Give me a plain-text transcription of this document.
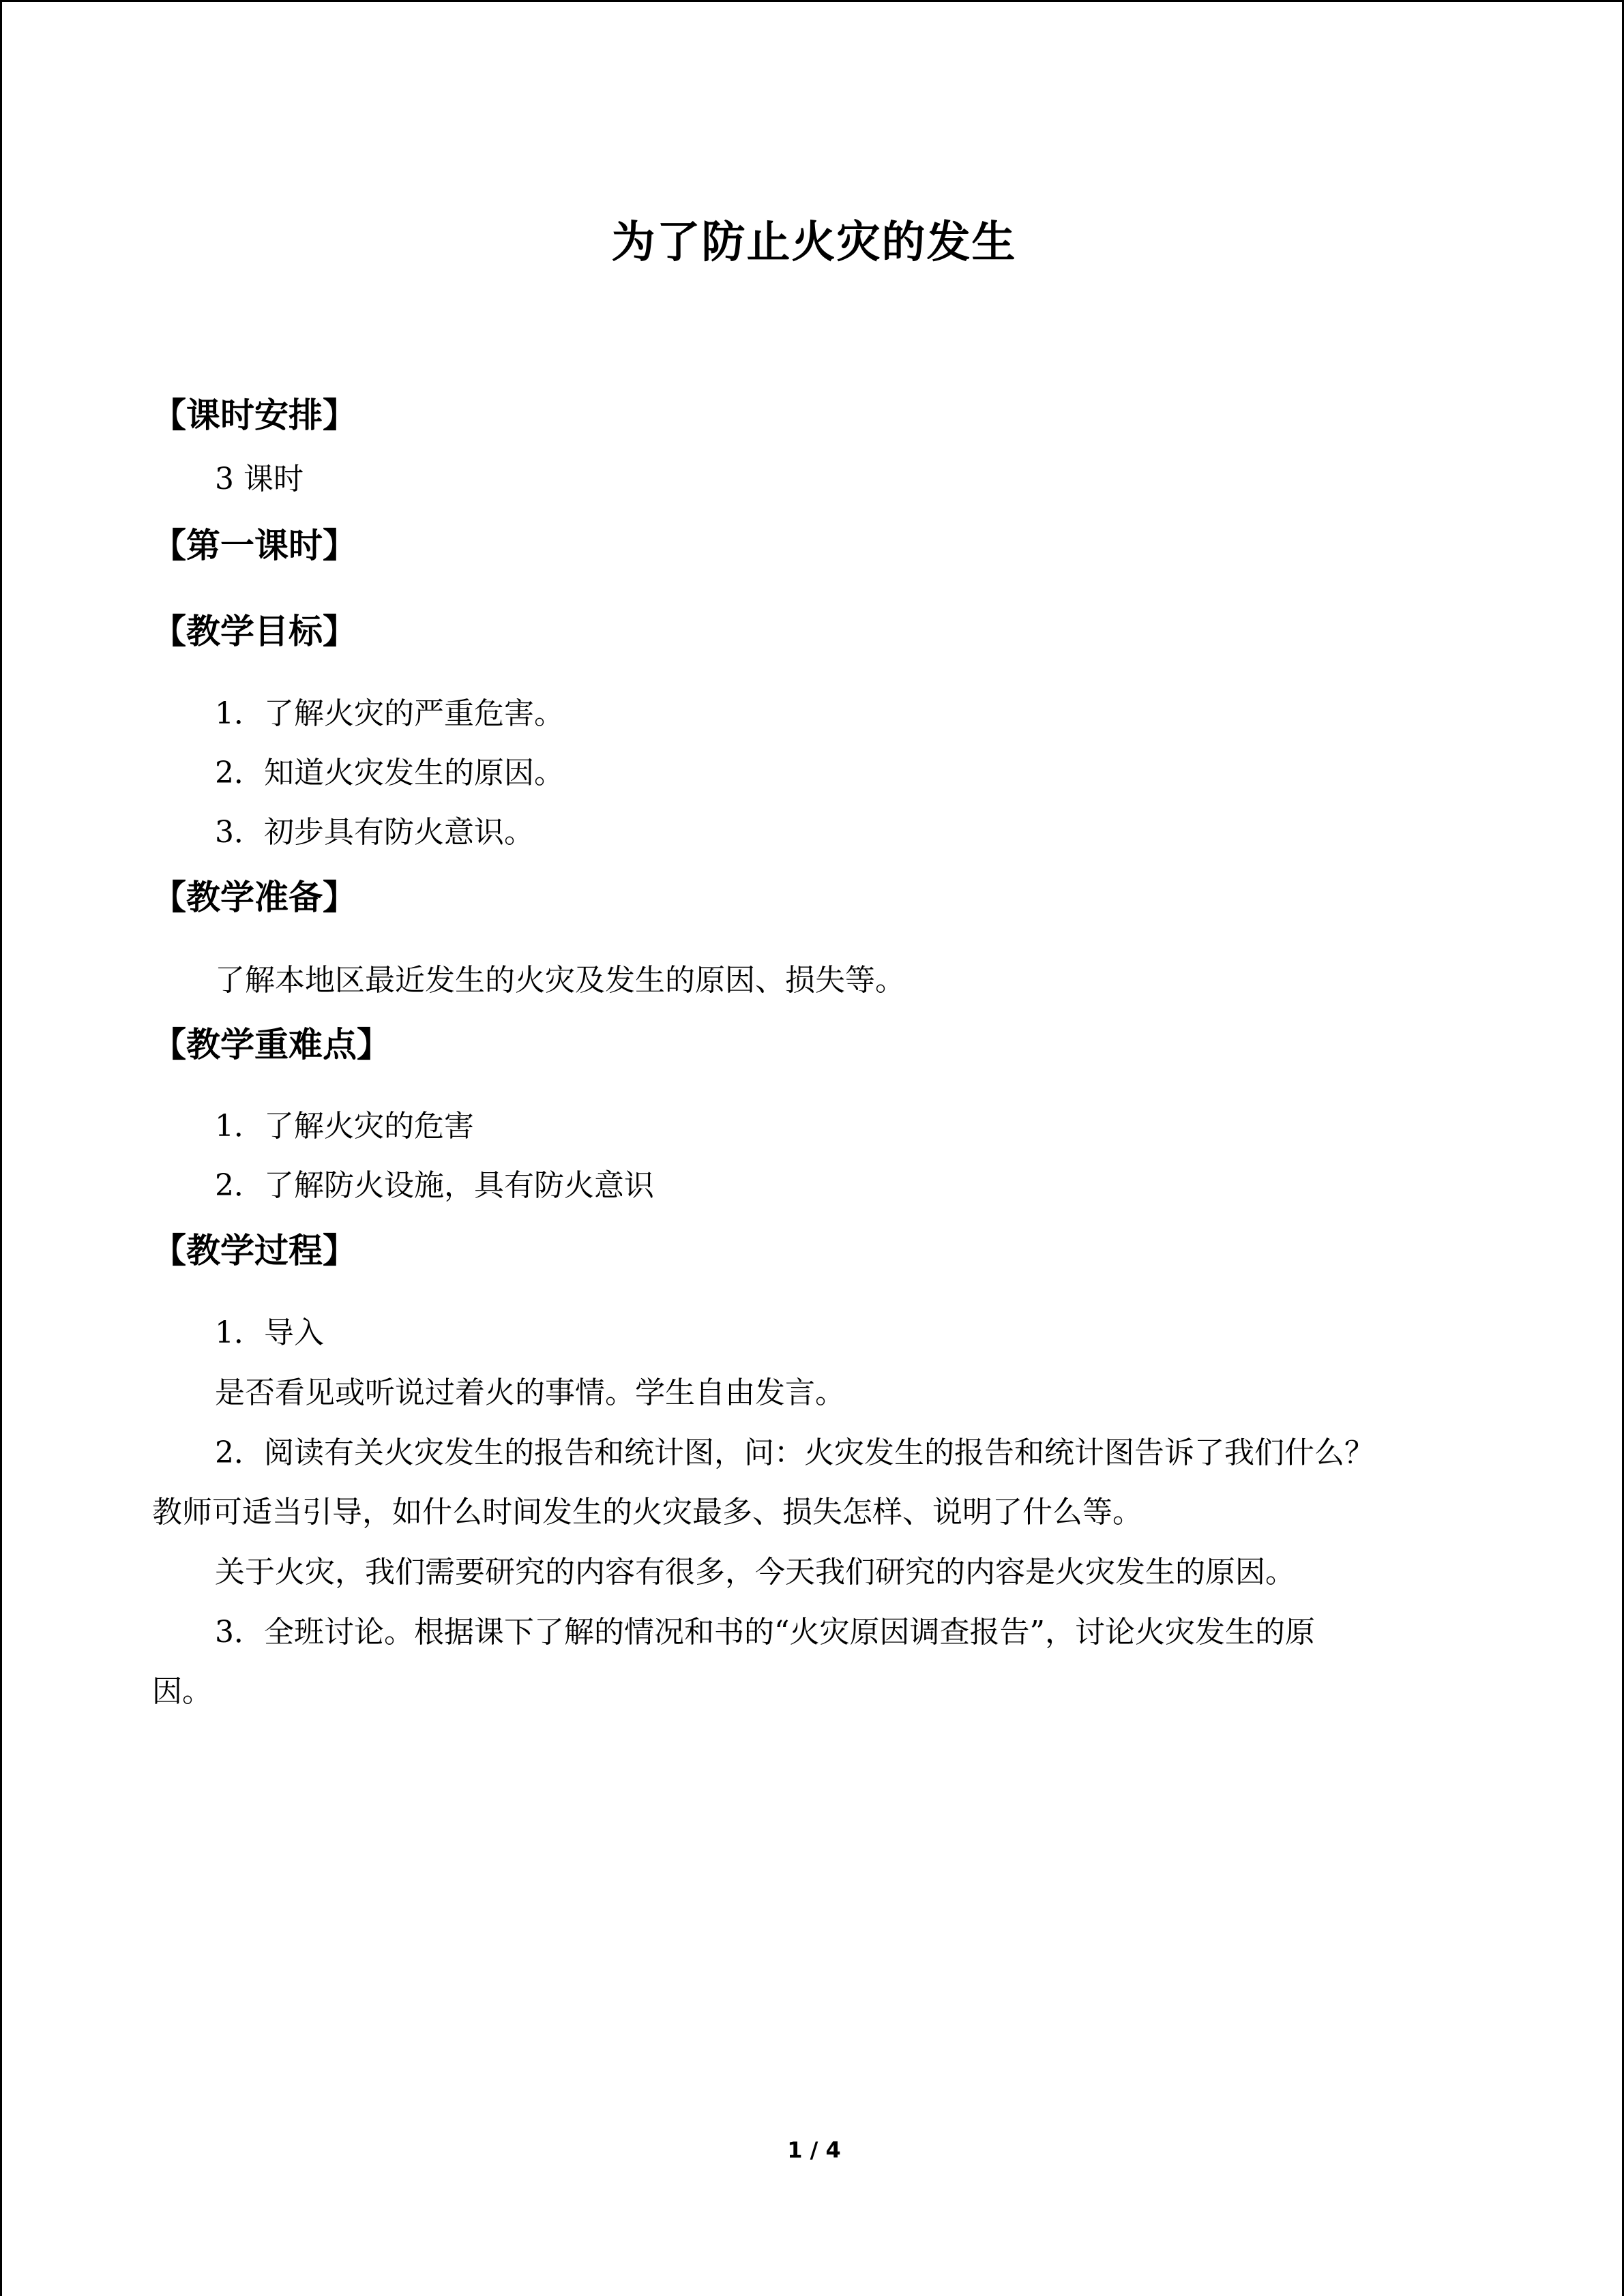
为了防止火灾的发生
【课时安排】
3 课时
【第一课时】
【教学目标】
1．了解火灾的严重危害。
2．知道火灾发生的原因。
3．初步具有防火意识。
【教学准备】
了解本地区最近发生的火灾及发生的原因、损失等。
【教学重难点】
1．了解火灾的危害
2．了解防火设施，具有防火意识
【教学过程】
1．导入
是否看见或听说过着火的事情。学生自由发言。
2．阅读有关火灾发生的报告和统计图，问：火灾发生的报告和统计图告诉了我们什么？
教师可适当引导，如什么时间发生的火灾最多、损失怎样、说明了什么等。
关于火灾，我们需要研究的内容有很多，今天我们研究的内容是火灾发生的原因。
3．全班讨论。根据课下了解的情况和书的“火灾原因调查报告”，讨论火灾发生的原
因。
1 / 4
